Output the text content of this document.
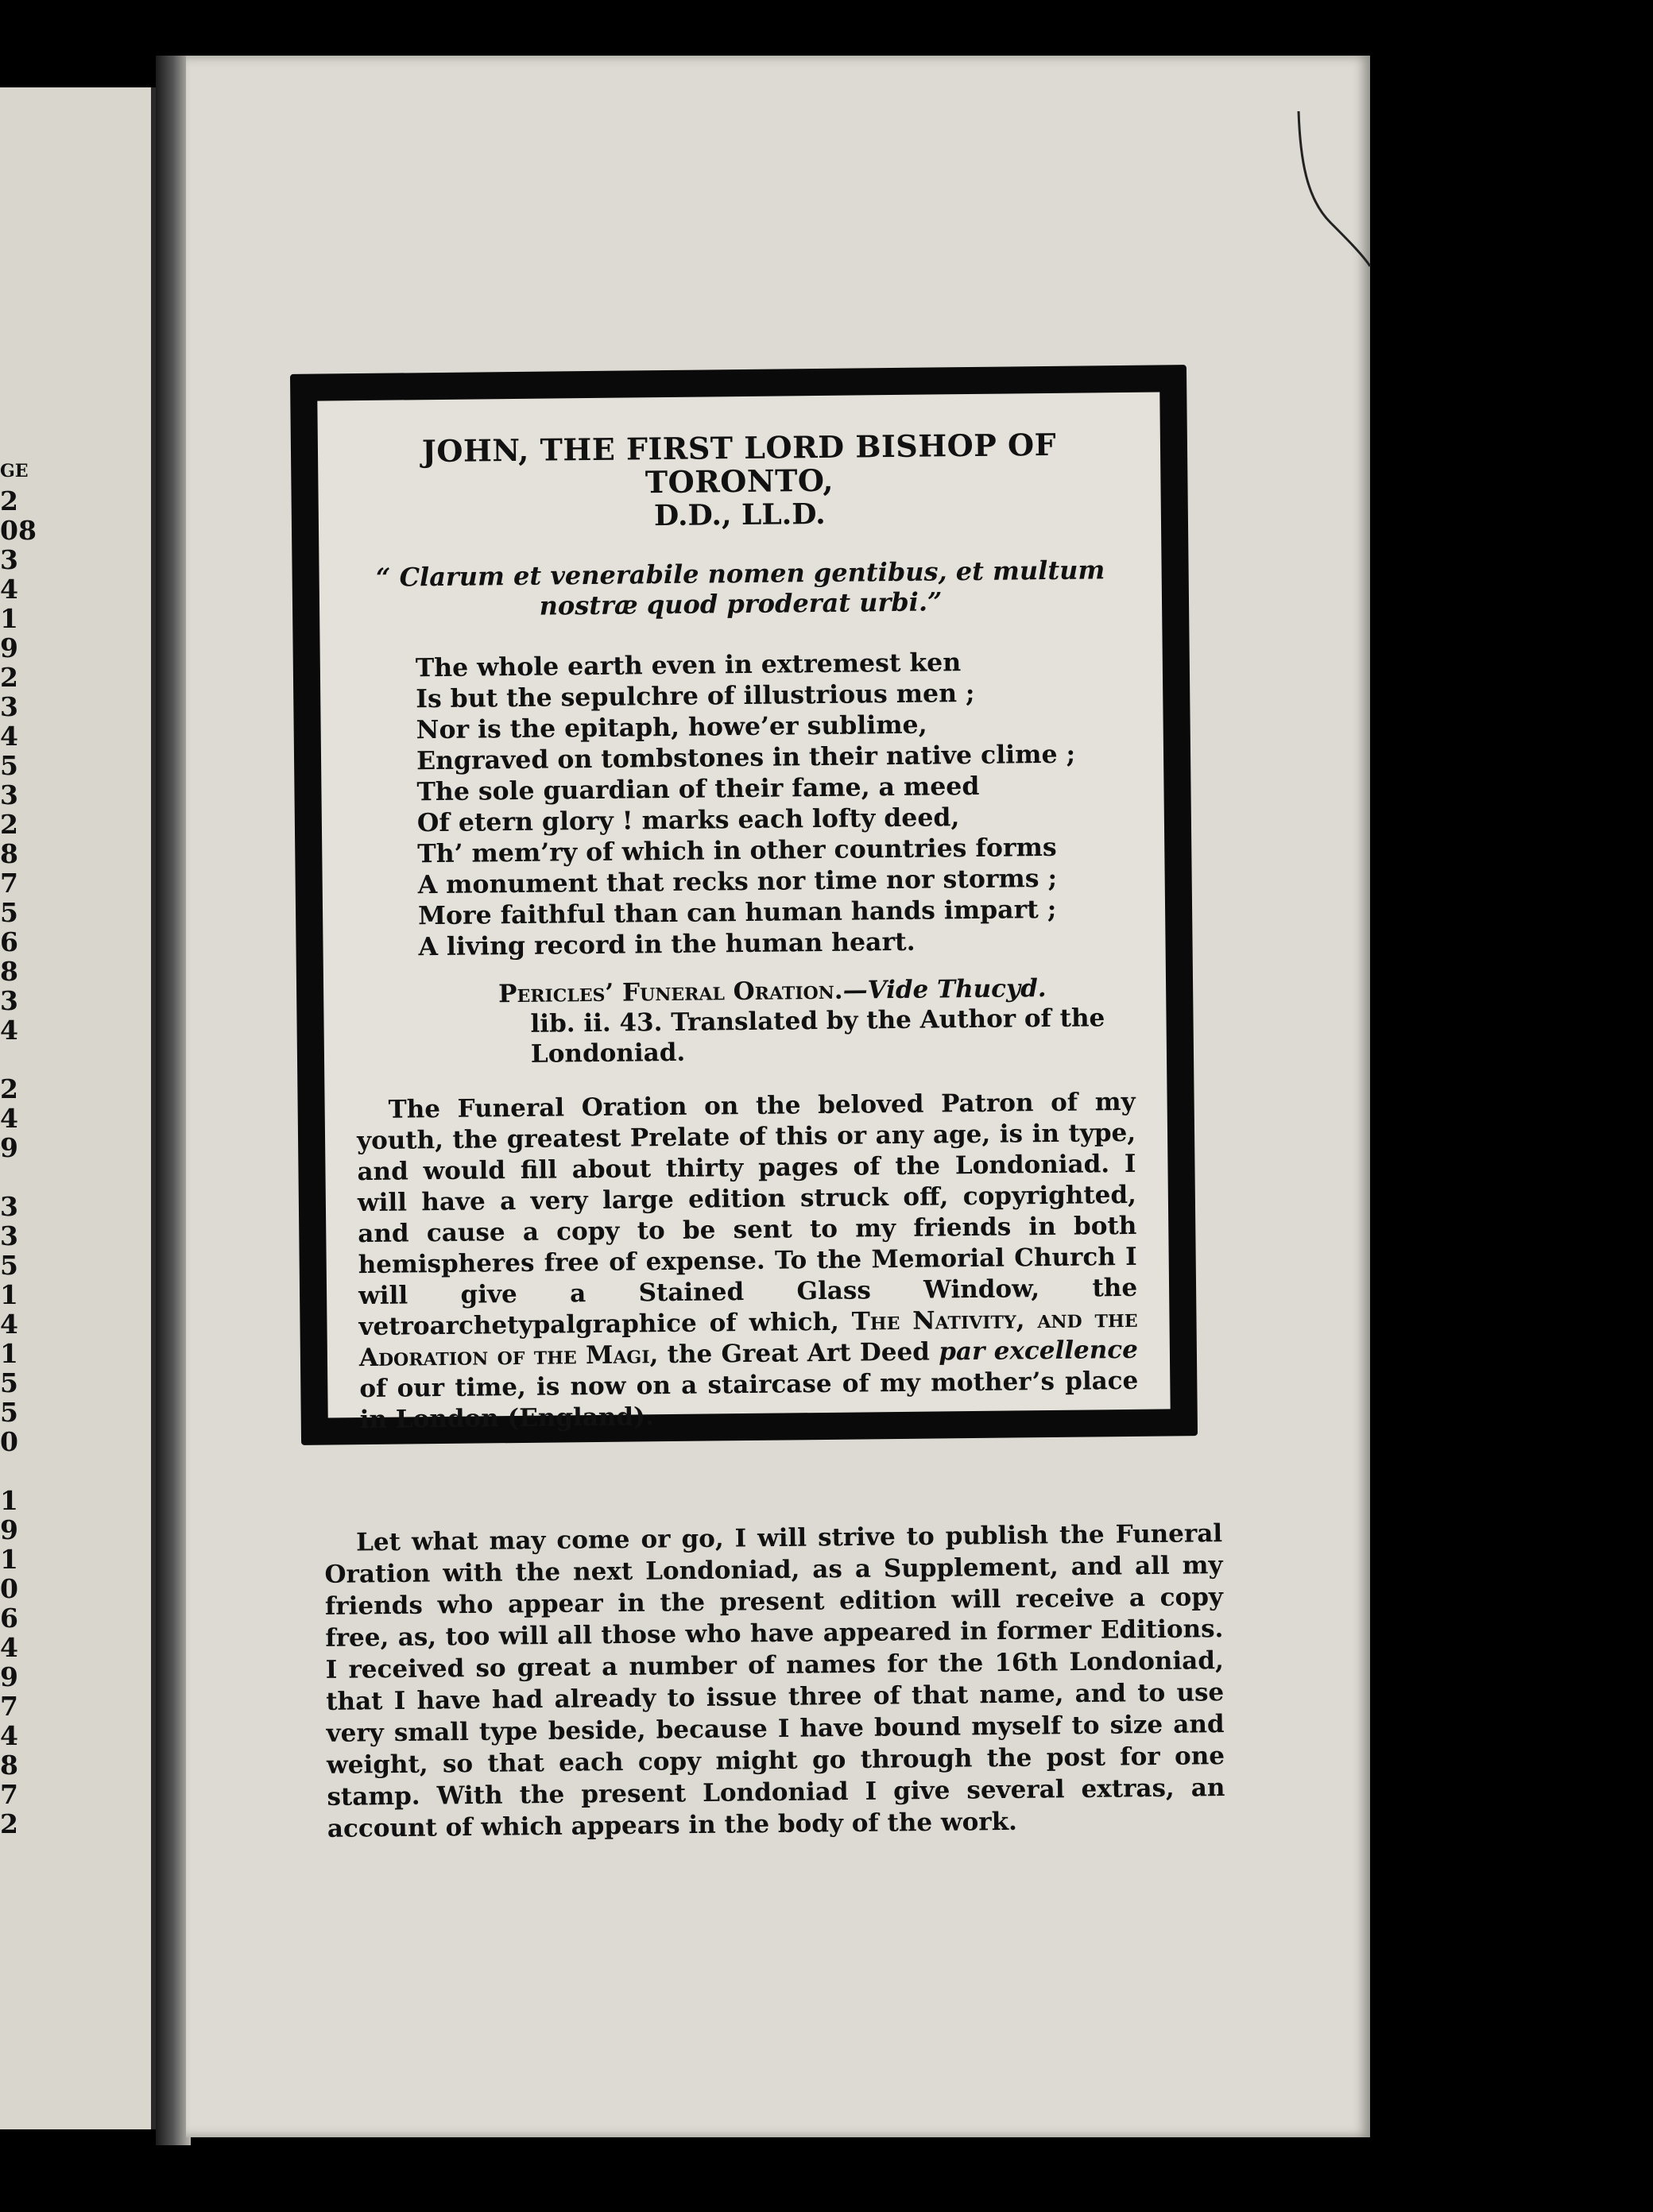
GE
2
08
3
4
1
9
2
3
4
5
3
2
8
7
5
6
8
3
4
2
4
9
3
3
5
1
4
1
5
5
0
1
9
1
0
6
4
9
7
4
8
7
2

JOHN, THE FIRST LORD BISHOP OF TORONTO,

D.D., LL.D.

“ Clarum et venerabile nomen gentibus, et multum nostræ quod proderat urbi.”

The whole earth even in extremest ken
Is but the sepulchre of illustrious men ;
Nor is the epitaph, howe’er sublime,
Engraved on tombstones in their native clime ;
The sole guardian of their fame, a meed
Of etern glory ! marks each lofty deed,
Th’ mem’ry of which in other countries forms
A monument that recks nor time nor storms ;
More faithful than can human hands impart ;
A living record in the human heart.
Pericles’ Funeral Oration.—Vide Thucyd.
lib. ii. 43. Translated by the Author of the
Londoniad.

The Funeral Oration on the beloved Patron of my youth, the greatest Prelate of this or any age, is in type, and would fill about thirty pages of the Londoniad. I will have a very large edition struck off, copyrighted, and cause a copy to be sent to my friends in both hemispheres free of expense. To the Memorial Church I will give a Stained Glass Window, the vetroarchetypalgraphice of which, The Nativity, and the Adoration of the Magi, the Great Art Deed par excellence of our time, is now on a staircase of my mother’s place in London (England).

Let what may come or go, I will strive to publish the Funeral Oration with the next Londoniad, as a Supplement, and all my friends who appear in the present edition will receive a copy free, as, too will all those who have appeared in former Editions. I received so great a number of names for the 16th Londoniad, that I have had already to issue three of that name, and to use very small type beside, because I have bound myself to size and weight, so that each copy might go through the post for one stamp. With the present Londoniad I give several extras, an account of which appears in the body of the work.
